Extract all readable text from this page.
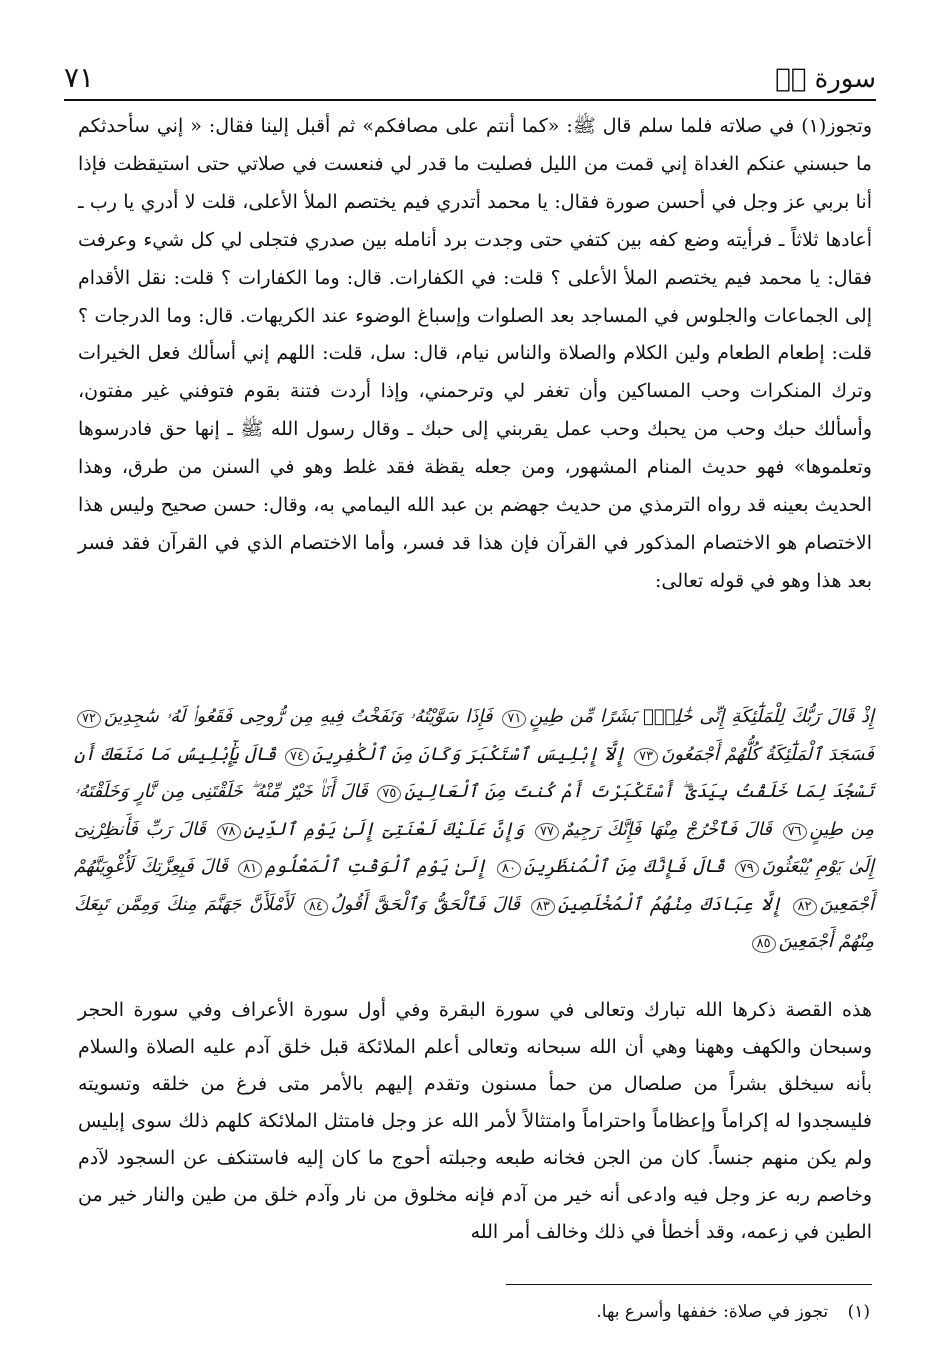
سورة صۤ
٧١

وتجوز(١) في صلاته فلما سلم قال ﷺ: «كما أنتم على مصافكم» ثم أقبل إلينا فقال: « إني سأحدثكم ما حبسني عنكم الغداة إني قمت من الليل فصليت ما قدر لي فنعست في صلاتي حتى استيقظت فإذا أنا بربي عز وجل في أحسن صورة فقال: يا محمد أتدري فيم يختصم الملأ الأعلى، قلت لا أدري يا رب ـ أعادها ثلاثاً ـ فرأيته وضع كفه بين كتفي حتى وجدت برد أنامله بين صدري فتجلى لي كل شيء وعرفت فقال: يا محمد فيم يختصم الملأ الأعلى ؟ قلت: في الكفارات. قال: وما الكفارات ؟ قلت: نقل الأقدام إلى الجماعات والجلوس في المساجد بعد الصلوات وإسباغ الوضوء عند الكريهات. قال: وما الدرجات ؟ قلت: إطعام الطعام ولين الكلام والصلاة والناس نيام، قال: سل، قلت: اللهم إني أسألك فعل الخيرات وترك المنكرات وحب المساكين وأن تغفر لي وترحمني، وإذا أردت فتنة بقوم فتوفني غير مفتون، وأسألك حبك وحب من يحبك وحب عمل يقربني إلى حبك ـ وقال رسول الله ﷺ ـ إنها حق فادرسوها وتعلموها» فهو حديث المنام المشهور، ومن جعله يقظة فقد غلط وهو في السنن من طرق، وهذا الحديث بعينه قد رواه الترمذي من حديث جهضم بن عبد الله اليمامي به، وقال: حسن صحيح وليس هذا الاختصام هو الاختصام المذكور في القرآن فإن هذا قد فسر، وأما الاختصام الذي في القرآن فقد فسر بعد هذا وهو في قوله تعالى:

إِذْ قَالَ رَبُّكَ لِلْمَلَٰٓئِكَةِ إِنِّى خَٰلِقٌۢ بَشَرًا مِّن طِينٍ٧١ فَإِذَا سَوَّيْتُهُۥ وَنَفَخْتُ فِيهِ مِن رُّوحِى فَقَعُوا۟ لَهُۥ سَٰجِدِينَ٧٢ فَسَجَدَ ٱلْمَلَٰٓئِكَةُ كُلُّهُمْ أَجْمَعُونَ٧٣ إِلَّآ إِبْلِيسَ ٱسْتَكْبَرَ وَكَانَ مِنَ ٱلْكَٰفِرِينَ٧٤ قَالَ يَٰٓإِبْلِيسُ مَا مَنَعَكَ أَن تَسْجُدَ لِمَا خَلَقْتُ بِيَدَىَّ ۖ أَسْتَكْبَرْتَ أَمْ كُنتَ مِنَ ٱلْعَالِينَ٧٥ قَالَ أَنَا۠ خَيْرٌ مِّنْهُ ۖ خَلَقْتَنِى مِن نَّارٍ وَخَلَقْتَهُۥ مِن طِينٍ٧٦ قَالَ فَٱخْرُجْ مِنْهَا فَإِنَّكَ رَجِيمٌ٧٧ وَإِنَّ عَلَيْكَ لَعْنَتِىٓ إِلَىٰ يَوْمِ ٱلدِّينِ٧٨ قَالَ رَبِّ فَأَنظِرْنِىٓ إِلَىٰ يَوْمِ يُبْعَثُونَ٧٩ قَالَ فَإِنَّكَ مِنَ ٱلْمُنظَرِينَ٨٠ إِلَىٰ يَوْمِ ٱلْوَقْتِ ٱلْمَعْلُومِ٨١ قَالَ فَبِعِزَّتِكَ لَأُغْوِيَنَّهُمْ أَجْمَعِينَ٨٢ إِلَّا عِبَادَكَ مِنْهُمُ ٱلْمُخْلَصِينَ٨٣ قَالَ فَٱلْحَقُّ وَٱلْحَقَّ أَقُولُ٨٤ لَأَمْلَأَنَّ جَهَنَّمَ مِنكَ وَمِمَّن تَبِعَكَ مِنْهُمْ أَجْمَعِينَ٨٥

هذه القصة ذكرها الله تبارك وتعالى في سورة البقرة وفي أول سورة الأعراف وفي سورة الحجر وسبحان والكهف وههنا وهي أن الله سبحانه وتعالى أعلم الملائكة قبل خلق آدم عليه الصلاة والسلام بأنه سيخلق بشراً من صلصال من حمأ مسنون وتقدم إليهم بالأمر متى فرغ من خلقه وتسويته فليسجدوا له إكراماً وإعظاماً واحتراماً وامتثالاً لأمر الله عز وجل فامتثل الملائكة كلهم ذلك سوى إبليس ولم يكن منهم جنساً. كان من الجن فخانه طبعه وجبلته أحوج ما كان إليه فاستنكف عن السجود لآدم وخاصم ربه عز وجل فيه وادعى أنه خير من آدم فإنه مخلوق من نار وآدم خلق من طين والنار خير من الطين في زعمه، وقد أخطأ في ذلك وخالف أمر الله

(١) تجوز في صلاة: خففها وأسرع بها.
